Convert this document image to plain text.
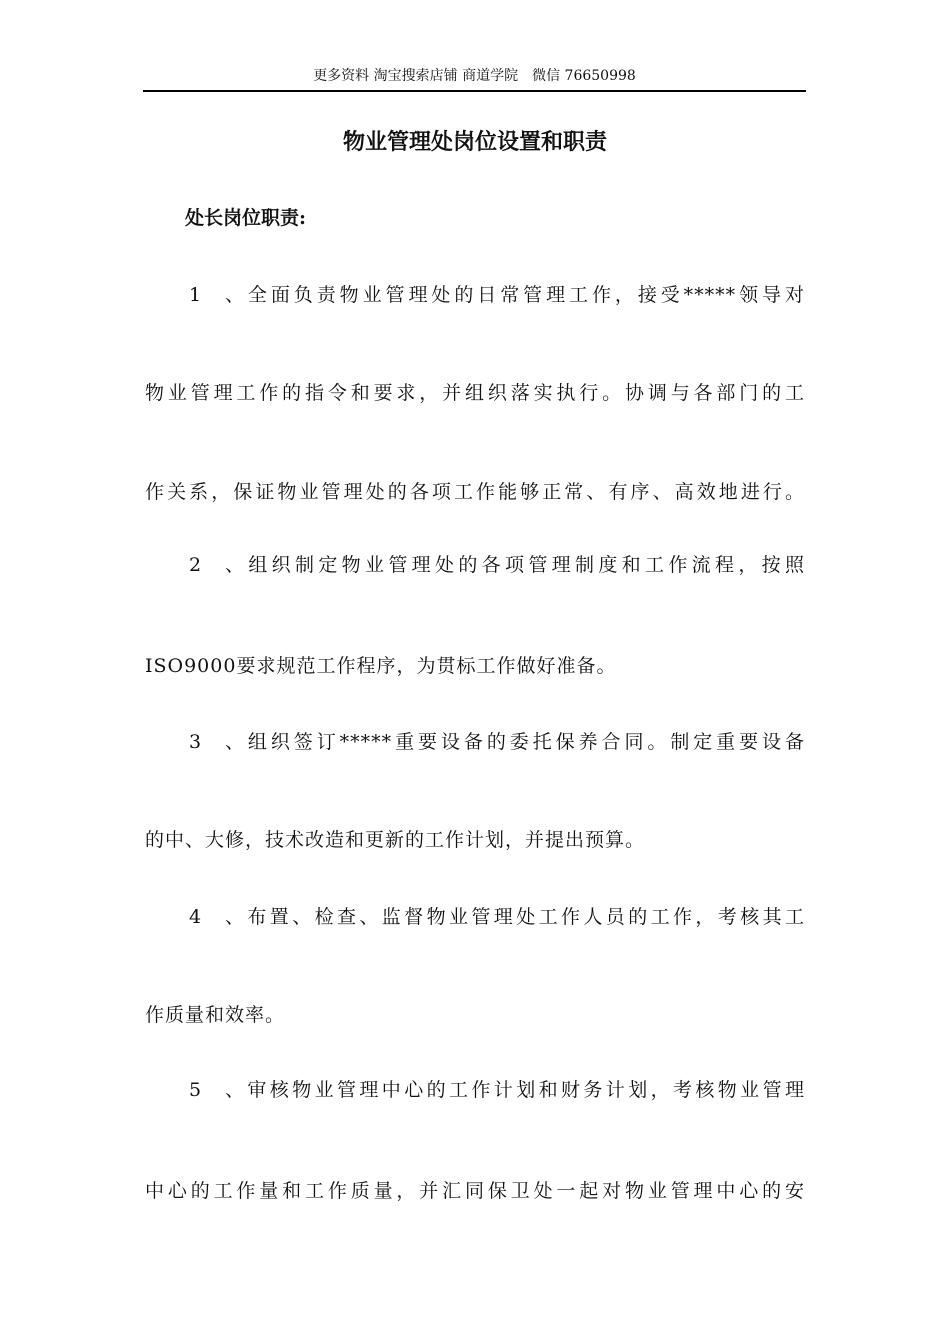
更多资料 淘宝搜索店铺 商道学院　微信 76650998
物业管理处岗位设置和职责
处长岗位职责:
1、全面负责物业管理处的日常管理工作，接受*****领导对
物业管理工作的指令和要求，并组织落实执行。协调与各部门的工
作关系，保证物业管理处的各项工作能够正常、有序、高效地进行。
2、组织制定物业管理处的各项管理制度和工作流程，按照
ISO9000要求规范工作程序，为贯标工作做好准备。
3、组织签订*****重要设备的委托保养合同。制定重要设备
的中、大修，技术改造和更新的工作计划，并提出预算。
4、布置、检查、监督物业管理处工作人员的工作，考核其工
作质量和效率。
5、审核物业管理中心的工作计划和财务计划，考核物业管理
中心的工作量和工作质量，并汇同保卫处一起对物业管理中心的安
